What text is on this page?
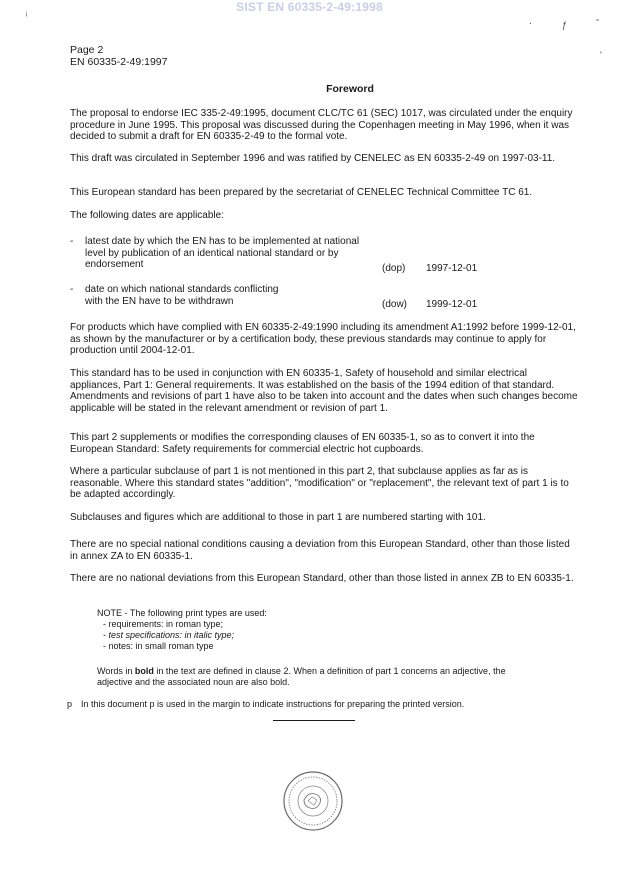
SIST EN 60335-2-49:1998
ᵢ
٠	ƒ	˜
'
Page 2
EN 60335-2-49:1997
Foreword

The proposal to endorse IEC 335-2-49:1995, document CLC/TC 61 (SEC) 1017, was circulated under the enquiry procedure in June 1995. This proposal was discussed during the Copenhagen meeting in May 1996, when it was decided to submit a draft for EN 60335-2-49 to the formal vote.

This draft was circulated in September 1996 and was ratified by CENELEC as EN 60335-2-49 on 1997-03-11.

This European standard has been prepared by the secretariat of CENELEC Technical Committee TC 61.

The following dates are applicable:

- latest date by which the EN has to be implemented at national level by publication of an identical national standard or by endorsement	(dop)	1997-12-01
- date on which national standards conflicting with the EN have to be withdrawn	(dow)	1999-12-01

For products which have complied with EN 60335-2-49:1990 including its amendment A1:1992 before 1999-12-01, as shown by the manufacturer or by a certification body, these previous standards may continue to apply for production until 2004-12-01.

This standard has to be used in conjunction with EN 60335-1, Safety of household and similar electrical appliances, Part 1: General requirements. It was established on the basis of the 1994 edition of that standard. Amendments and revisions of part 1 have also to be taken into account and the dates when such changes become applicable will be stated in the relevant amendment or revision of part 1.

This part 2 supplements or modifies the corresponding clauses of EN 60335-1, so as to convert it into the European Standard: Safety requirements for commercial electric hot cupboards.

Where a particular subclause of part 1 is not mentioned in this part 2, that subclause applies as far as is reasonable. Where this standard states "addition", "modification" or "replacement", the relevant text of part 1 is to be adapted accordingly.

Subclauses and figures which are additional to those in part 1 are numbered starting with 101.

There are no special national conditions causing a deviation from this European Standard, other than those listed in annex ZA to EN 60335-1.

There are no national deviations from this European Standard, other than those listed in annex ZB to EN 60335-1.

NOTE - The following print types are used:
- requirements: in roman type;
- test specifications: in italic type;
- notes: in small roman type
Words in bold in the text are defined in clause 2. When a definition of part 1 concerns an adjective, the adjective and the associated noun are also bold.
p In this document p is used in the margin to indicate instructions for preparing the printed version.
